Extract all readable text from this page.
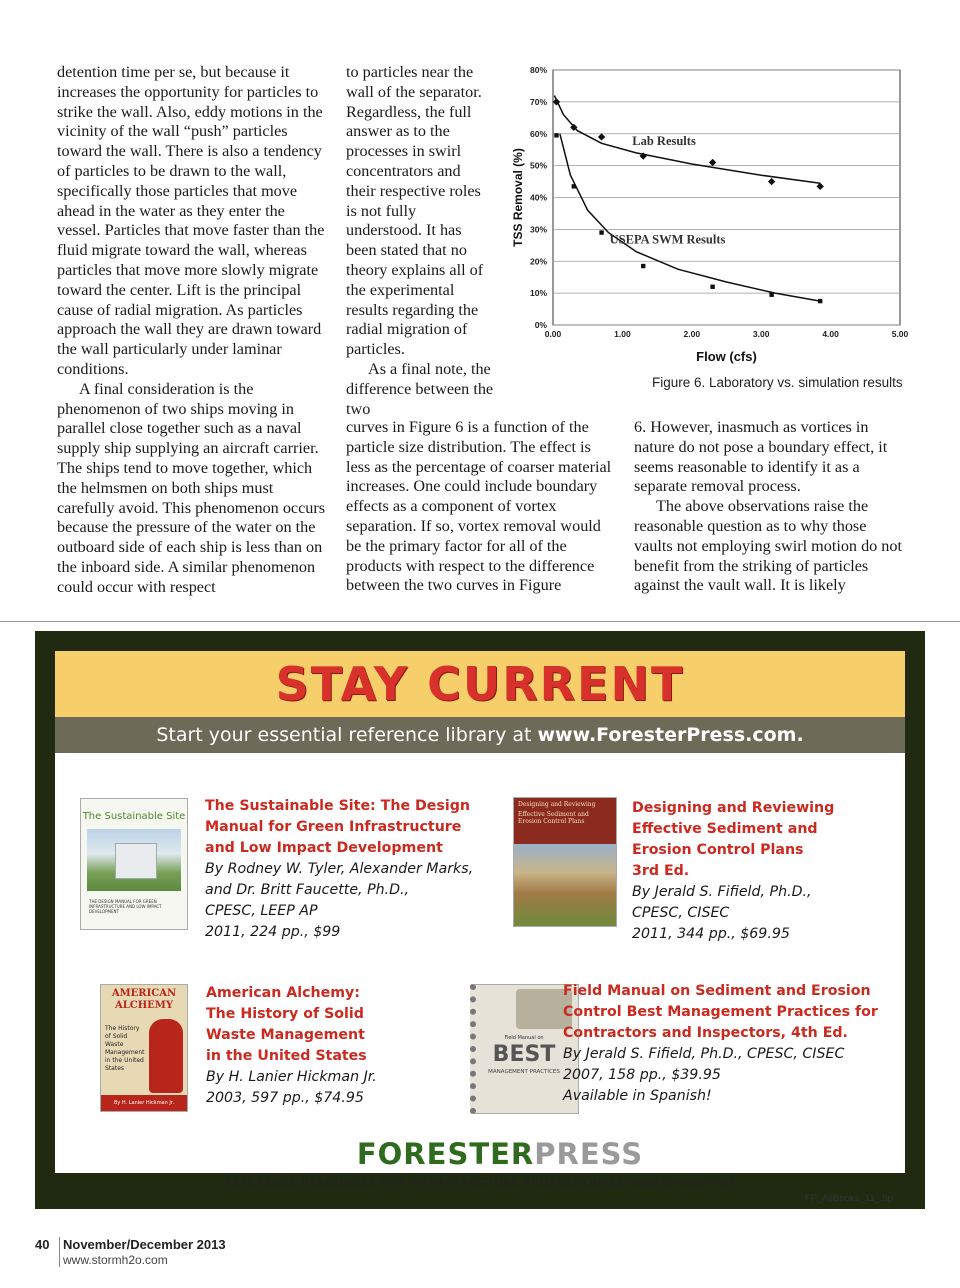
detention time per se, but because it increases the opportunity for particles to strike the wall. Also, eddy motions in the vicinity of the wall “push” particles toward the wall. There is also a tendency of particles to be drawn to the wall, specifically those particles that move ahead in the water as they enter the vessel. Particles that move faster than the fluid migrate toward the wall, whereas particles that move more slowly migrate toward the center. Lift is the principal cause of radial migration. As particles approach the wall they are drawn toward the wall particularly under laminar conditions.

A final consideration is the phenomenon of two ships moving in parallel close together such as a naval supply ship supplying an aircraft carrier. The ships tend to move together, which the helmsmen on both ships must carefully avoid. This phenomenon occurs because the pressure of the water on the outboard side of each ship is less than on the inboard side. A similar phenomenon could occur with respect

to particles near the wall of the separator. Regardless, the full answer as to the processes in swirl concentrators and their respective roles is not fully understood. It has been stated that no theory explains all of the experimental results regarding the radial migration of particles.

As a final note, the difference between the two

curves in Figure 6 is a function of the particle size distribution. The effect is less as the percentage of coarser material increases. One could include boundary effects as a component of vortex separation. If so, vortex removal would be the primary factor for all of the products with respect to the difference between the two curves in Figure

6. However, inasmuch as vortices in nature do not pose a boundary effect, it seems reasonable to identify it as a separate removal process.

The above observations raise the reasonable question as to why those vaults not employing swirl motion do not benefit from the striking of particles against the vault wall. It is likely

0%
10%
20%
30%
40%
50%
60%
70%
80%
0.00	1.00	2.00	3.00	4.00	5.00
Flow (cfs)
TSS Removal (%)
Lab Results
USEPA SWM Results
Figure 6. Laboratory vs. simulation results
STAY CURRENT
Start your essential reference library at www.ForesterPress.com.
The Sustainable Site
THE DESIGN MANUAL FOR GREEN INFRASTRUCTURE AND LOW IMPACT DEVELOPMENT
The Sustainable Site: The Design
Manual for Green Infrastructure
and Low Impact Development
By Rodney W. Tyler, Alexander Marks,
and Dr. Britt Faucette, Ph.D.,
CPESC, LEEP AP
2011, 224 pp., $99
Designing and Reviewing
Effective Sediment and Erosion Control Plans
Designing and Reviewing
Effective Sediment and
Erosion Control Plans
3rd Ed.
By Jerald S. Fifield, Ph.D.,
CPESC, CISEC
2011, 344 pp., $69.95
AMERICAN ALCHEMY
The History of Solid Waste Management in the United States
By H. Lanier Hickman Jr.
American Alchemy:
The History of Solid
Waste Management
in the United States
By H. Lanier Hickman Jr.
2003, 597 pp., $74.95
Field Manual on
BEST
MANAGEMENT PRACTICES
Field Manual on Sediment and Erosion
Control Best Management Practices for
Contractors and Inspectors, 4th Ed.
By Jerald S. Fifield, Ph.D., CPESC, CISEC
2007, 158 pp., $39.95
Available in Spanish!
FORESTERPRESS
REFERENCE RESOURCES FOR INFRASTRUCTURE PROFESSIONALS www.forester.net
FP_AllBooks_11_.5p
40 November/December 2013
www.stormh2o.com
